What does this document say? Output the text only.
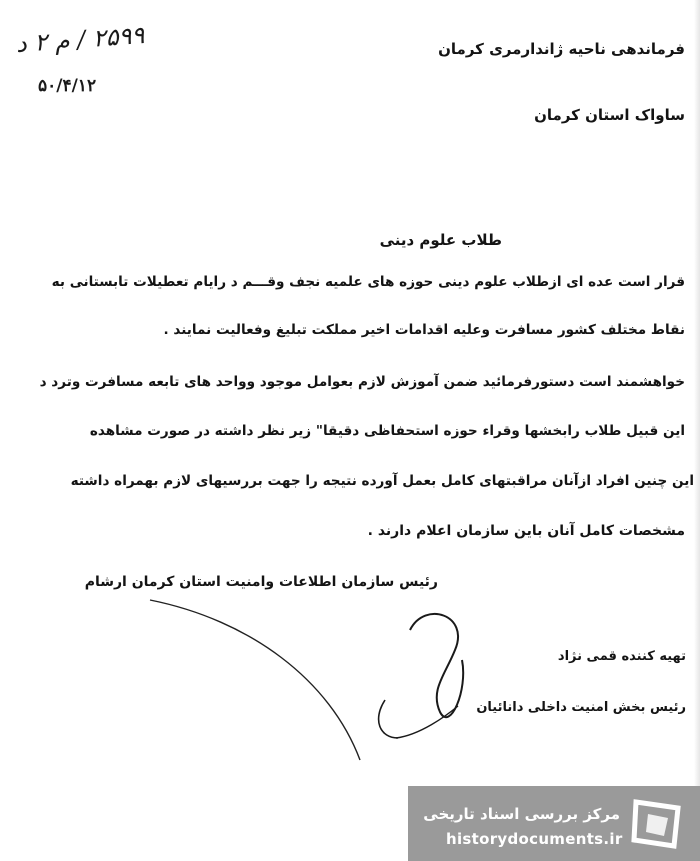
۲۵۹۹ / م ۲ د
۵۰/۴/۱۲
فرماندهی ناحیه ژاندارمری کرمان
ساواک استان کرمان
طلاب علوم دینی
قرار است عده ای ازطلاب علوم دینی حوزه های علمیه نجف وقـــم د رایام تعطیلات تابستانی به
نقاط مختلف کشور مسافرت وعلیه اقدامات اخیر مملکت تبلیغ وفعالیت نمایند .
خواهشمند است دستورفرمائید ضمن آموزش لازم بعوامل موجود وواحد های تابعه مسافرت وترد د
این قبیل طلاب رابخشها وقراء حوزه استحفاظی دقیقا" زیر نظر داشته در صورت مشاهده
این چنین افراد ازآنان مراقبتهای کامل بعمل آورده نتیجه را جهت بررسیهای لازم بهمراه داشته
مشخصات کامل آنان باین سازمان اعلام دارند .
رئیس سازمان اطلاعات وامنیت استان کرمان ارشام
تهیه کننده قمی نژاد
رئیس بخش امنیت داخلی دانائیان
مرکز بررسی اسناد تاریخی
historydocuments.ir
